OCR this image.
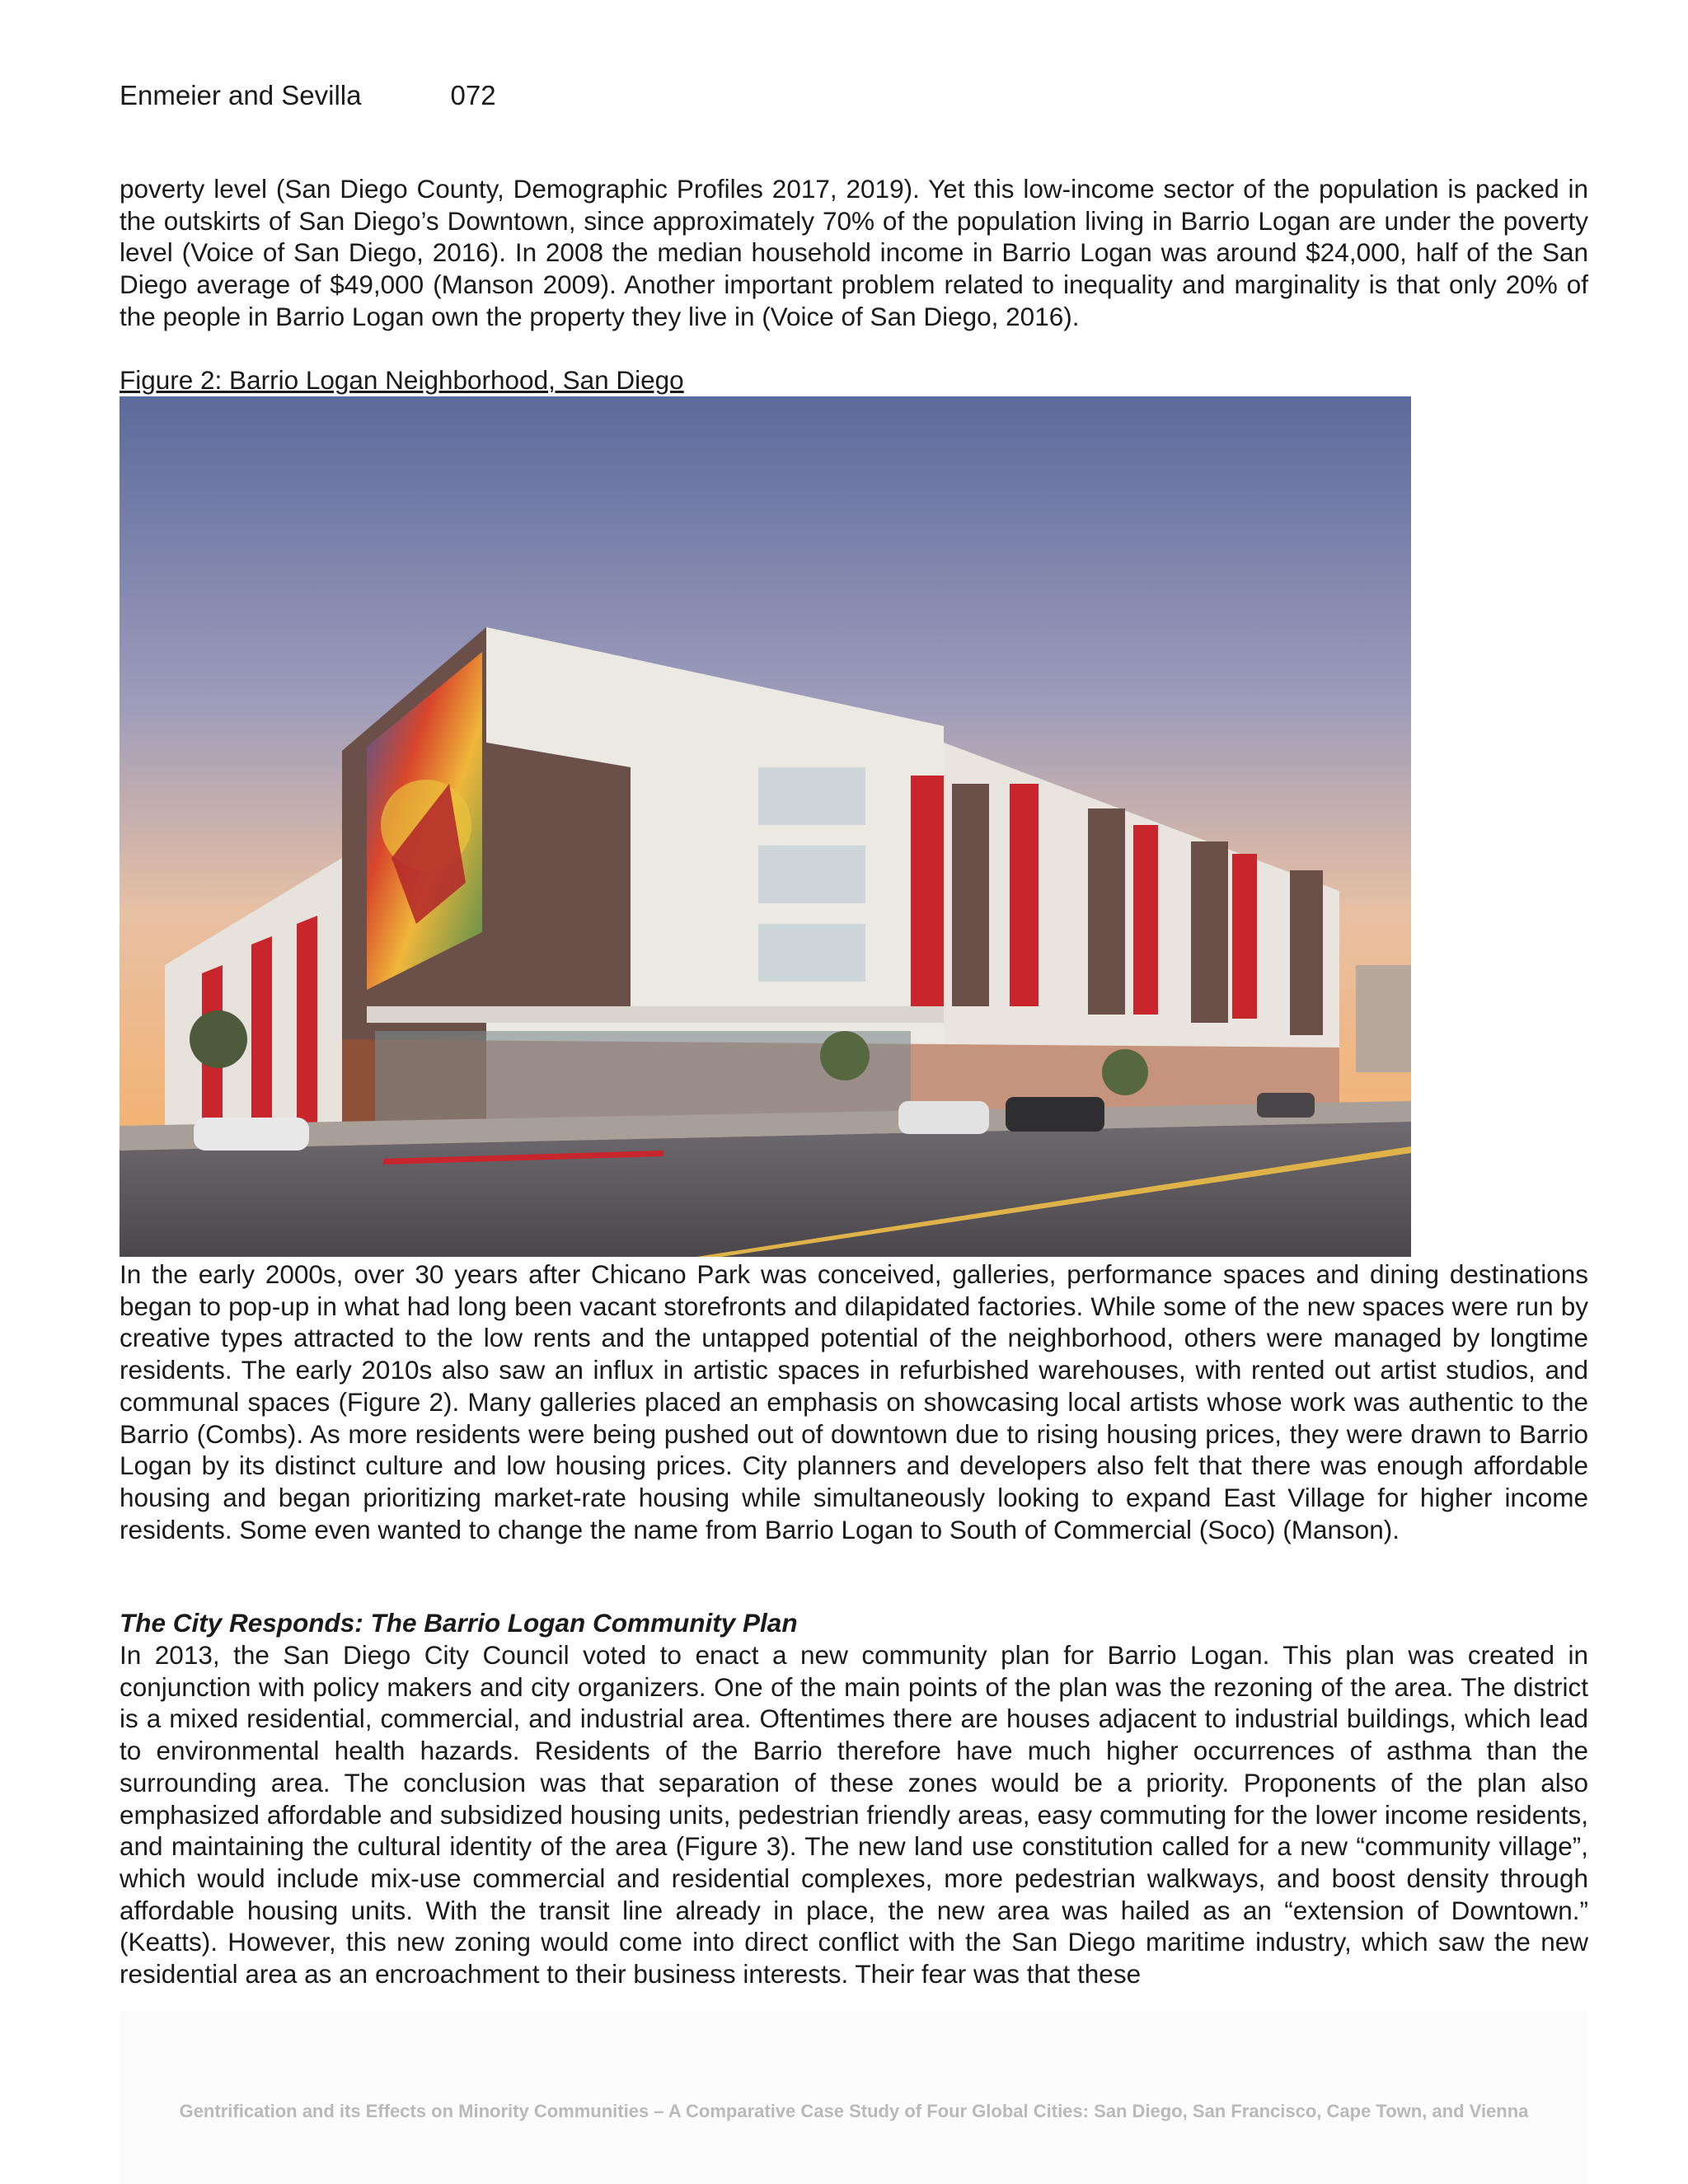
Enmeier and Sevilla	072

poverty level (San Diego County, Demographic Profiles 2017, 2019). Yet this low-income sector of the population is packed in the outskirts of San Diego’s Downtown, since approximately 70% of the population living in Barrio Logan are under the poverty level (Voice of San Diego, 2016). In 2008 the median household income in Barrio Logan was around $24,000, half of the San Diego average of $49,000 (Manson 2009). Another important problem related to inequality and marginality is that only 20% of the people in Barrio Logan own the property they live in (Voice of San Diego, 2016).

Figure 2: Barrio Logan Neighborhood, San Diego

In the early 2000s, over 30 years after Chicano Park was conceived, galleries, performance spaces and dining destinations began to pop-up in what had long been vacant storefronts and dilapidated factories. While some of the new spaces were run by creative types attracted to the low rents and the untapped potential of the neighborhood, others were managed by longtime residents. The early 2010s also saw an influx in artistic spaces in refurbished warehouses, with rented out artist studios, and communal spaces (Figure 2). Many galleries placed an emphasis on showcasing local artists whose work was authentic to the Barrio (Combs). As more residents were being pushed out of downtown due to rising housing prices, they were drawn to Barrio Logan by its distinct culture and low housing prices. City planners and developers also felt that there was enough affordable housing and began prioritizing market-rate housing while simultaneously looking to expand East Village for higher income residents. Some even wanted to change the name from Barrio Logan to South of Commercial (Soco) (Manson).

The City Responds: The Barrio Logan Community Plan

In 2013, the San Diego City Council voted to enact a new community plan for Barrio Logan. This plan was created in conjunction with policy makers and city organizers. One of the main points of the plan was the rezoning of the area. The district is a mixed residential, commercial, and industrial area. Oftentimes there are houses adjacent to industrial buildings, which lead to environmental health hazards. Residents of the Barrio therefore have much higher occurrences of asthma than the surrounding area. The conclusion was that separation of these zones would be a priority. Proponents of the plan also emphasized affordable and subsidized housing units, pedestrian friendly areas, easy commuting for the lower income residents, and maintaining the cultural identity of the area (Figure 3). The new land use constitution called for a new “community village”, which would include mix-use commercial and residential complexes, more pedestrian walkways, and boost density through affordable housing units. With the transit line already in place, the new area was hailed as an “extension of Downtown.” (Keatts). However, this new zoning would come into direct conflict with the San Diego maritime industry, which saw the new residential area as an encroachment to their business interests. Their fear was that these

Gentrification and its Effects on Minority Communities – A Comparative Case Study of Four Global Cities: San Diego, San Francisco, Cape Town, and Vienna
